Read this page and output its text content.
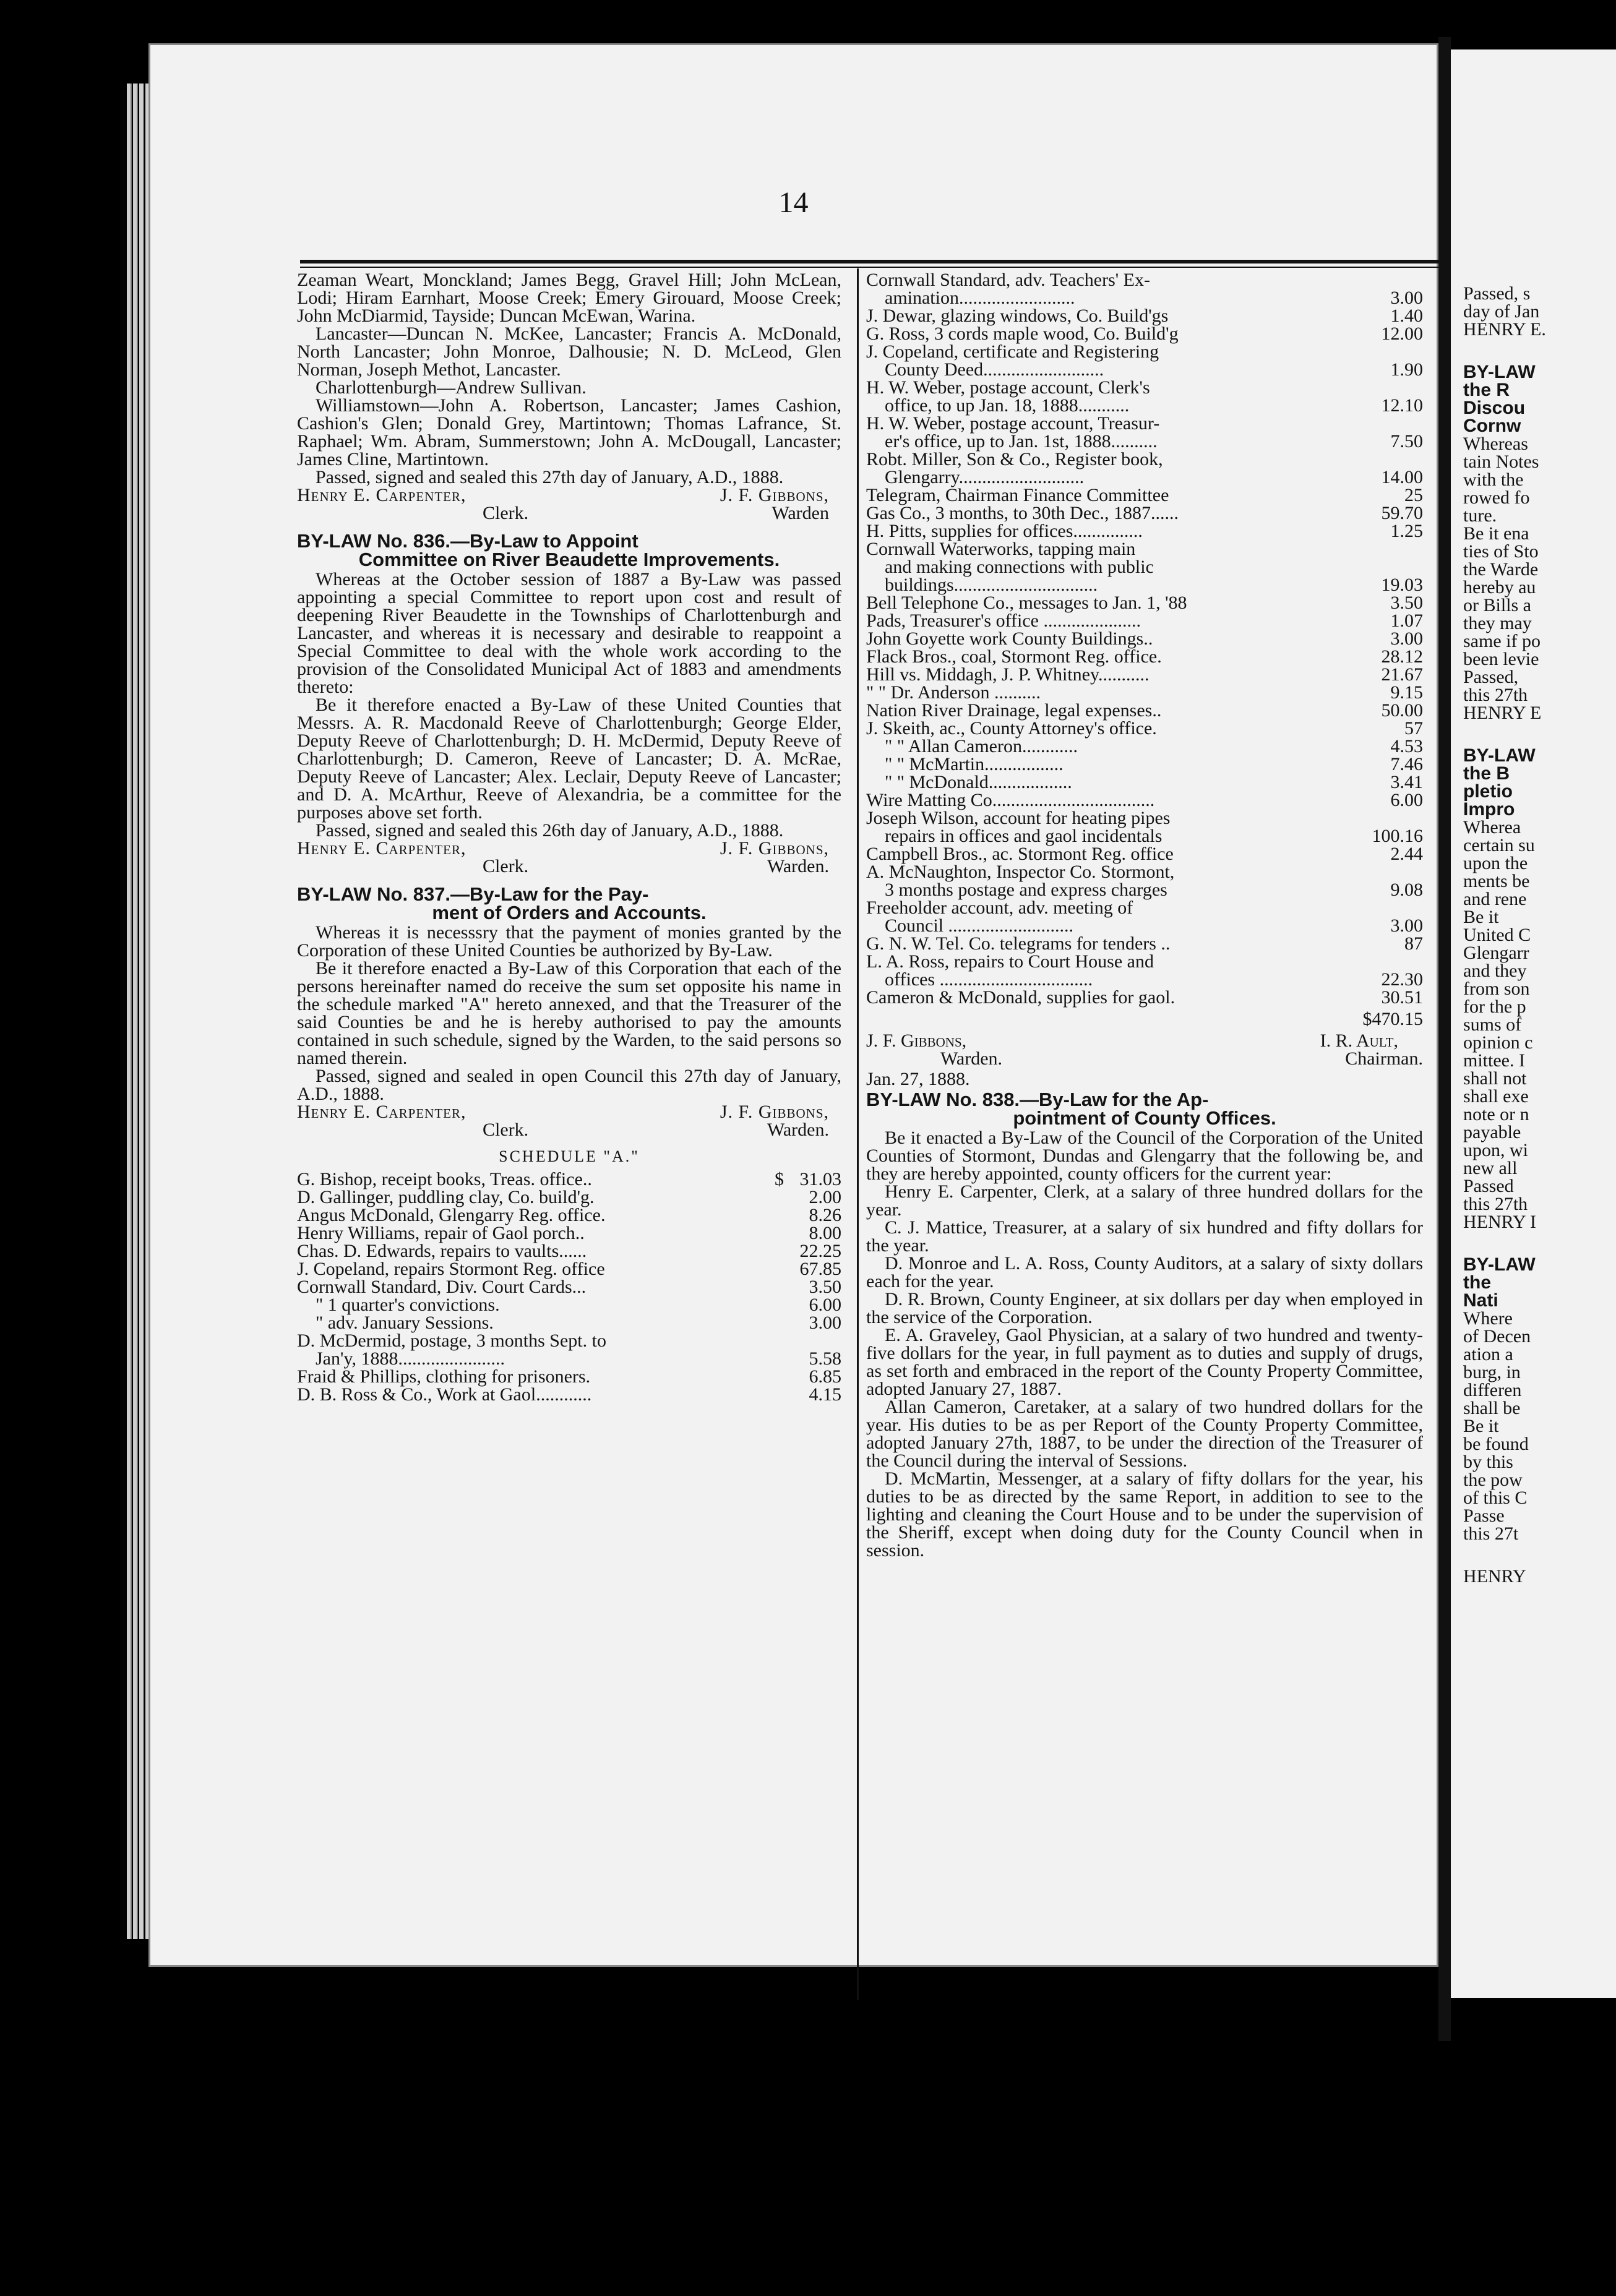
14

Zeaman Weart, Monckland; James Begg, Gravel Hill; John McLean, Lodi; Hiram Earnhart, Moose Creek; Emery Girouard, Moose Creek; John McDiarmid, Tayside; Duncan McEwan, Warina.

Lancaster—Duncan N. McKee, Lancaster; Francis A. McDonald, North Lancaster; John Monroe, Dalhousie; N. D. McLeod, Glen Norman, Joseph Methot, Lancaster.

Charlottenburgh—Andrew Sullivan.

Williamstown—John A. Robertson, Lancaster; James Cashion, Cashion's Glen; Donald Grey, Martintown; Thomas Lafrance, St. Raphael; Wm. Abram, Summerstown; John A. McDougall, Lancaster; James Cline, Martintown.

Passed, signed and sealed this 27th day of January, A.D., 1888.

Henry E. Carpenter,	J. F. Gibbons,
Clerk.	Warden
BY-LAW No. 836.—By-Law to Appoint
Committee on River Beaudette Improvements.

Whereas at the October session of 1887 a By-Law was passed appointing a special Committee to report upon cost and result of deepening River Beaudette in the Townships of Charlottenburgh and Lancaster, and whereas it is necessary and desirable to reappoint a Special Committee to deal with the whole work according to the provision of the Consolidated Municipal Act of 1883 and amendments thereto:

Be it therefore enacted a By-Law of these United Counties that Messrs. A. R. Macdonald Reeve of Charlottenburgh; George Elder, Deputy Reeve of Charlottenburgh; D. H. McDermid, Deputy Reeve of Charlottenburgh; D. Cameron, Reeve of Lancaster; D. A. McRae, Deputy Reeve of Lancaster; Alex. Leclair, Deputy Reeve of Lancaster; and D. A. McArthur, Reeve of Alexandria, be a committee for the purposes above set forth.

Passed, signed and sealed this 26th day of January, A.D., 1888.

Henry E. Carpenter,	J. F. Gibbons,
Clerk.	Warden.
BY-LAW No. 837.—By-Law for the Pay-
ment of Orders and Accounts.

Whereas it is necesssry that the payment of monies granted by the Corporation of these United Counties be authorized by By-Law.

Be it therefore enacted a By-Law of this Corporation that each of the persons hereinafter named do receive the sum set opposite his name in the schedule marked "A" hereto annexed, and that the Treasurer of the said Counties be and he is hereby authorised to pay the amounts contained in such schedule, signed by the Warden, to the said persons so named therein.

Passed, signed and sealed in open Council this 27th day of January, A.D., 1888.

Henry E. Carpenter,	J. F. Gibbons,
Clerk.	Warden.
SCHEDULE "A."
G. Bishop, receipt books, Treas. office..	$ 31.03
D. Gallinger, puddling clay, Co. build'g.	2.00
Angus McDonald, Glengarry Reg. office.	8.26
Henry Williams, repair of Gaol porch..	8.00
Chas. D. Edwards, repairs to vaults......	22.25
J. Copeland, repairs Stormont Reg. office	67.85
Cornwall Standard, Div. Court Cards...	3.50
" 1 quarter's convictions.	6.00
" adv. January Sessions.	3.00
D. McDermid, postage, 3 months Sept. to
Jan'y, 1888.......................	5.58
Fraid & Phillips, clothing for prisoners.	6.85
D. B. Ross & Co., Work at Gaol............	4.15
Cornwall Standard, adv. Teachers' Ex-
amination.........................	3.00
J. Dewar, glazing windows, Co. Build'gs	1.40
G. Ross, 3 cords maple wood, Co. Build'g	12.00
J. Copeland, certificate and Registering
County Deed..........................	1.90
H. W. Weber, postage account, Clerk's
office, to up Jan. 18, 1888...........	12.10
H. W. Weber, postage account, Treasur-
er's office, up to Jan. 1st, 1888..........	7.50
Robt. Miller, Son & Co., Register book,
Glengarry...........................	14.00
Telegram, Chairman Finance Committee	25
Gas Co., 3 months, to 30th Dec., 1887......	59.70
H. Pitts, supplies for offices...............	1.25
Cornwall Waterworks, tapping main
and making connections with public
buildings...............................	19.03
Bell Telephone Co., messages to Jan. 1, '88	3.50
Pads, Treasurer's office .....................	1.07
John Goyette work County Buildings..	3.00
Flack Bros., coal, Stormont Reg. office.	28.12
Hill vs. Middagh, J. P. Whitney...........	21.67
" " Dr. Anderson ..........	9.15
Nation River Drainage, legal expenses..	50.00
J. Skeith, ac., County Attorney's office.	57
" " Allan Cameron............	4.53
" " McMartin.................	7.46
" " McDonald..................	3.41
Wire Matting Co...................................	6.00
Joseph Wilson, account for heating pipes
repairs in offices and gaol incidentals	100.16
Campbell Bros., ac. Stormont Reg. office	2.44
A. McNaughton, Inspector Co. Stormont,
3 months postage and express charges	9.08
Freeholder account, adv. meeting of
Council ...........................	3.00
G. N. W. Tel. Co. telegrams for tenders ..	87
L. A. Ross, repairs to Court House and
offices .................................	22.30
Cameron & McDonald, supplies for gaol.	30.51
$470.15
J. F. Gibbons,	I. R. Ault,
Warden.	Chairman.

Jan. 27, 1888.

BY-LAW No. 838.—By-Law for the Ap-
pointment of County Offices.

Be it enacted a By-Law of the Council of the Corporation of the United Counties of Stormont, Dundas and Glengarry that the following be, and they are hereby appointed, county officers for the current year:

Henry E. Carpenter, Clerk, at a salary of three hundred dollars for the year.

C. J. Mattice, Treasurer, at a salary of six hundred and fifty dollars for the year.

D. Monroe and L. A. Ross, County Auditors, at a salary of sixty dollars each for the year.

D. R. Brown, County Engineer, at six dollars per day when employed in the service of the Corporation.

E. A. Graveley, Gaol Physician, at a salary of two hundred and twenty-five dollars for the year, in full payment as to duties and supply of drugs, as set forth and embraced in the report of the County Property Committee, adopted January 27, 1887.

Allan Cameron, Caretaker, at a salary of two hundred dollars for the year. His duties to be as per Report of the County Property Committee, adopted January 27th, 1887, to be under the direction of the Treasurer of the Council during the interval of Sessions.

D. McMartin, Messenger, at a salary of fifty dollars for the year, his duties to be as directed by the same Report, in addition to see to the lighting and cleaning the Court House and to be under the supervision of the Sheriff, except when doing duty for the County Council when in session.

Passed, s

day of Jan

HENRY E.

BY-LAW

the R

Discou

Cornw

Whereas

tain Notes

with the

rowed fo

ture.

Be it ena

ties of Sto

the Warde

hereby au

or Bills a

they may

same if po

been levie

Passed,

this 27th

HENRY E

BY-LAW

the B

pletio

Impro

Wherea

certain su

upon the

ments be

and rene

Be it

United C

Glengarr

and they

from son

for the p

sums of

opinion c

mittee. I

shall not

shall exe

note or n

payable

upon, wi

new all

Passed

this 27th

HENRY I

BY-LAW

the

Nati

Where

of Decen

ation a

burg, in

differen

shall be

Be it

be found

by this

the pow

of this C

Passe

this 27t

HENRY
